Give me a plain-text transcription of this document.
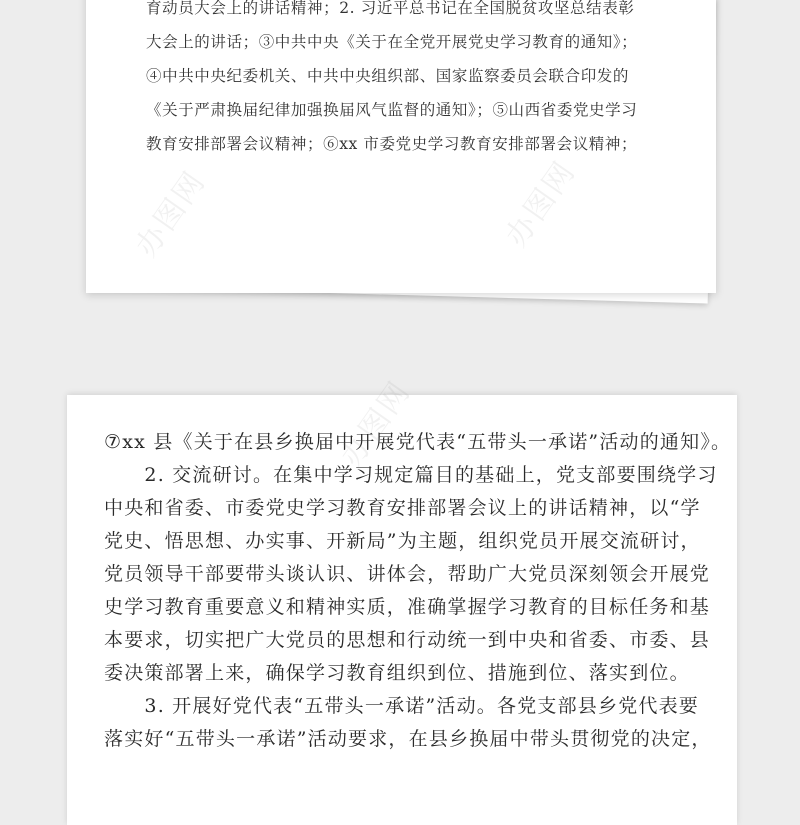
育动员大会上的讲话精神；2. 习近平总书记在全国脱贫攻坚总结表彰
大会上的讲话；③中共中央《关于在全党开展党史学习教育的通知》；
④中共中央纪委机关、中共中央组织部、国家监察委员会联合印发的
《关于严肃换届纪律加强换届风气监督的通知》；⑤山西省委党史学习
教育安排部署会议精神；⑥xx 市委党史学习教育安排部署会议精神；
⑦xx 县《关于在县乡换届中开展党代表“五带头一承诺”活动的通知》。
　　2. 交流研讨。在集中学习规定篇目的基础上，党支部要围绕学习
中央和省委、市委党史学习教育安排部署会议上的讲话精神，以“学
党史、悟思想、办实事、开新局”为主题，组织党员开展交流研讨，
党员领导干部要带头谈认识、讲体会，帮助广大党员深刻领会开展党
史学习教育重要意义和精神实质，准确掌握学习教育的目标任务和基
本要求，切实把广大党员的思想和行动统一到中央和省委、市委、县
委决策部署上来，确保学习教育组织到位、措施到位、落实到位。
　　3. 开展好党代表“五带头一承诺”活动。各党支部县乡党代表要
落实好“五带头一承诺”活动要求，在县乡换届中带头贯彻党的决定，
